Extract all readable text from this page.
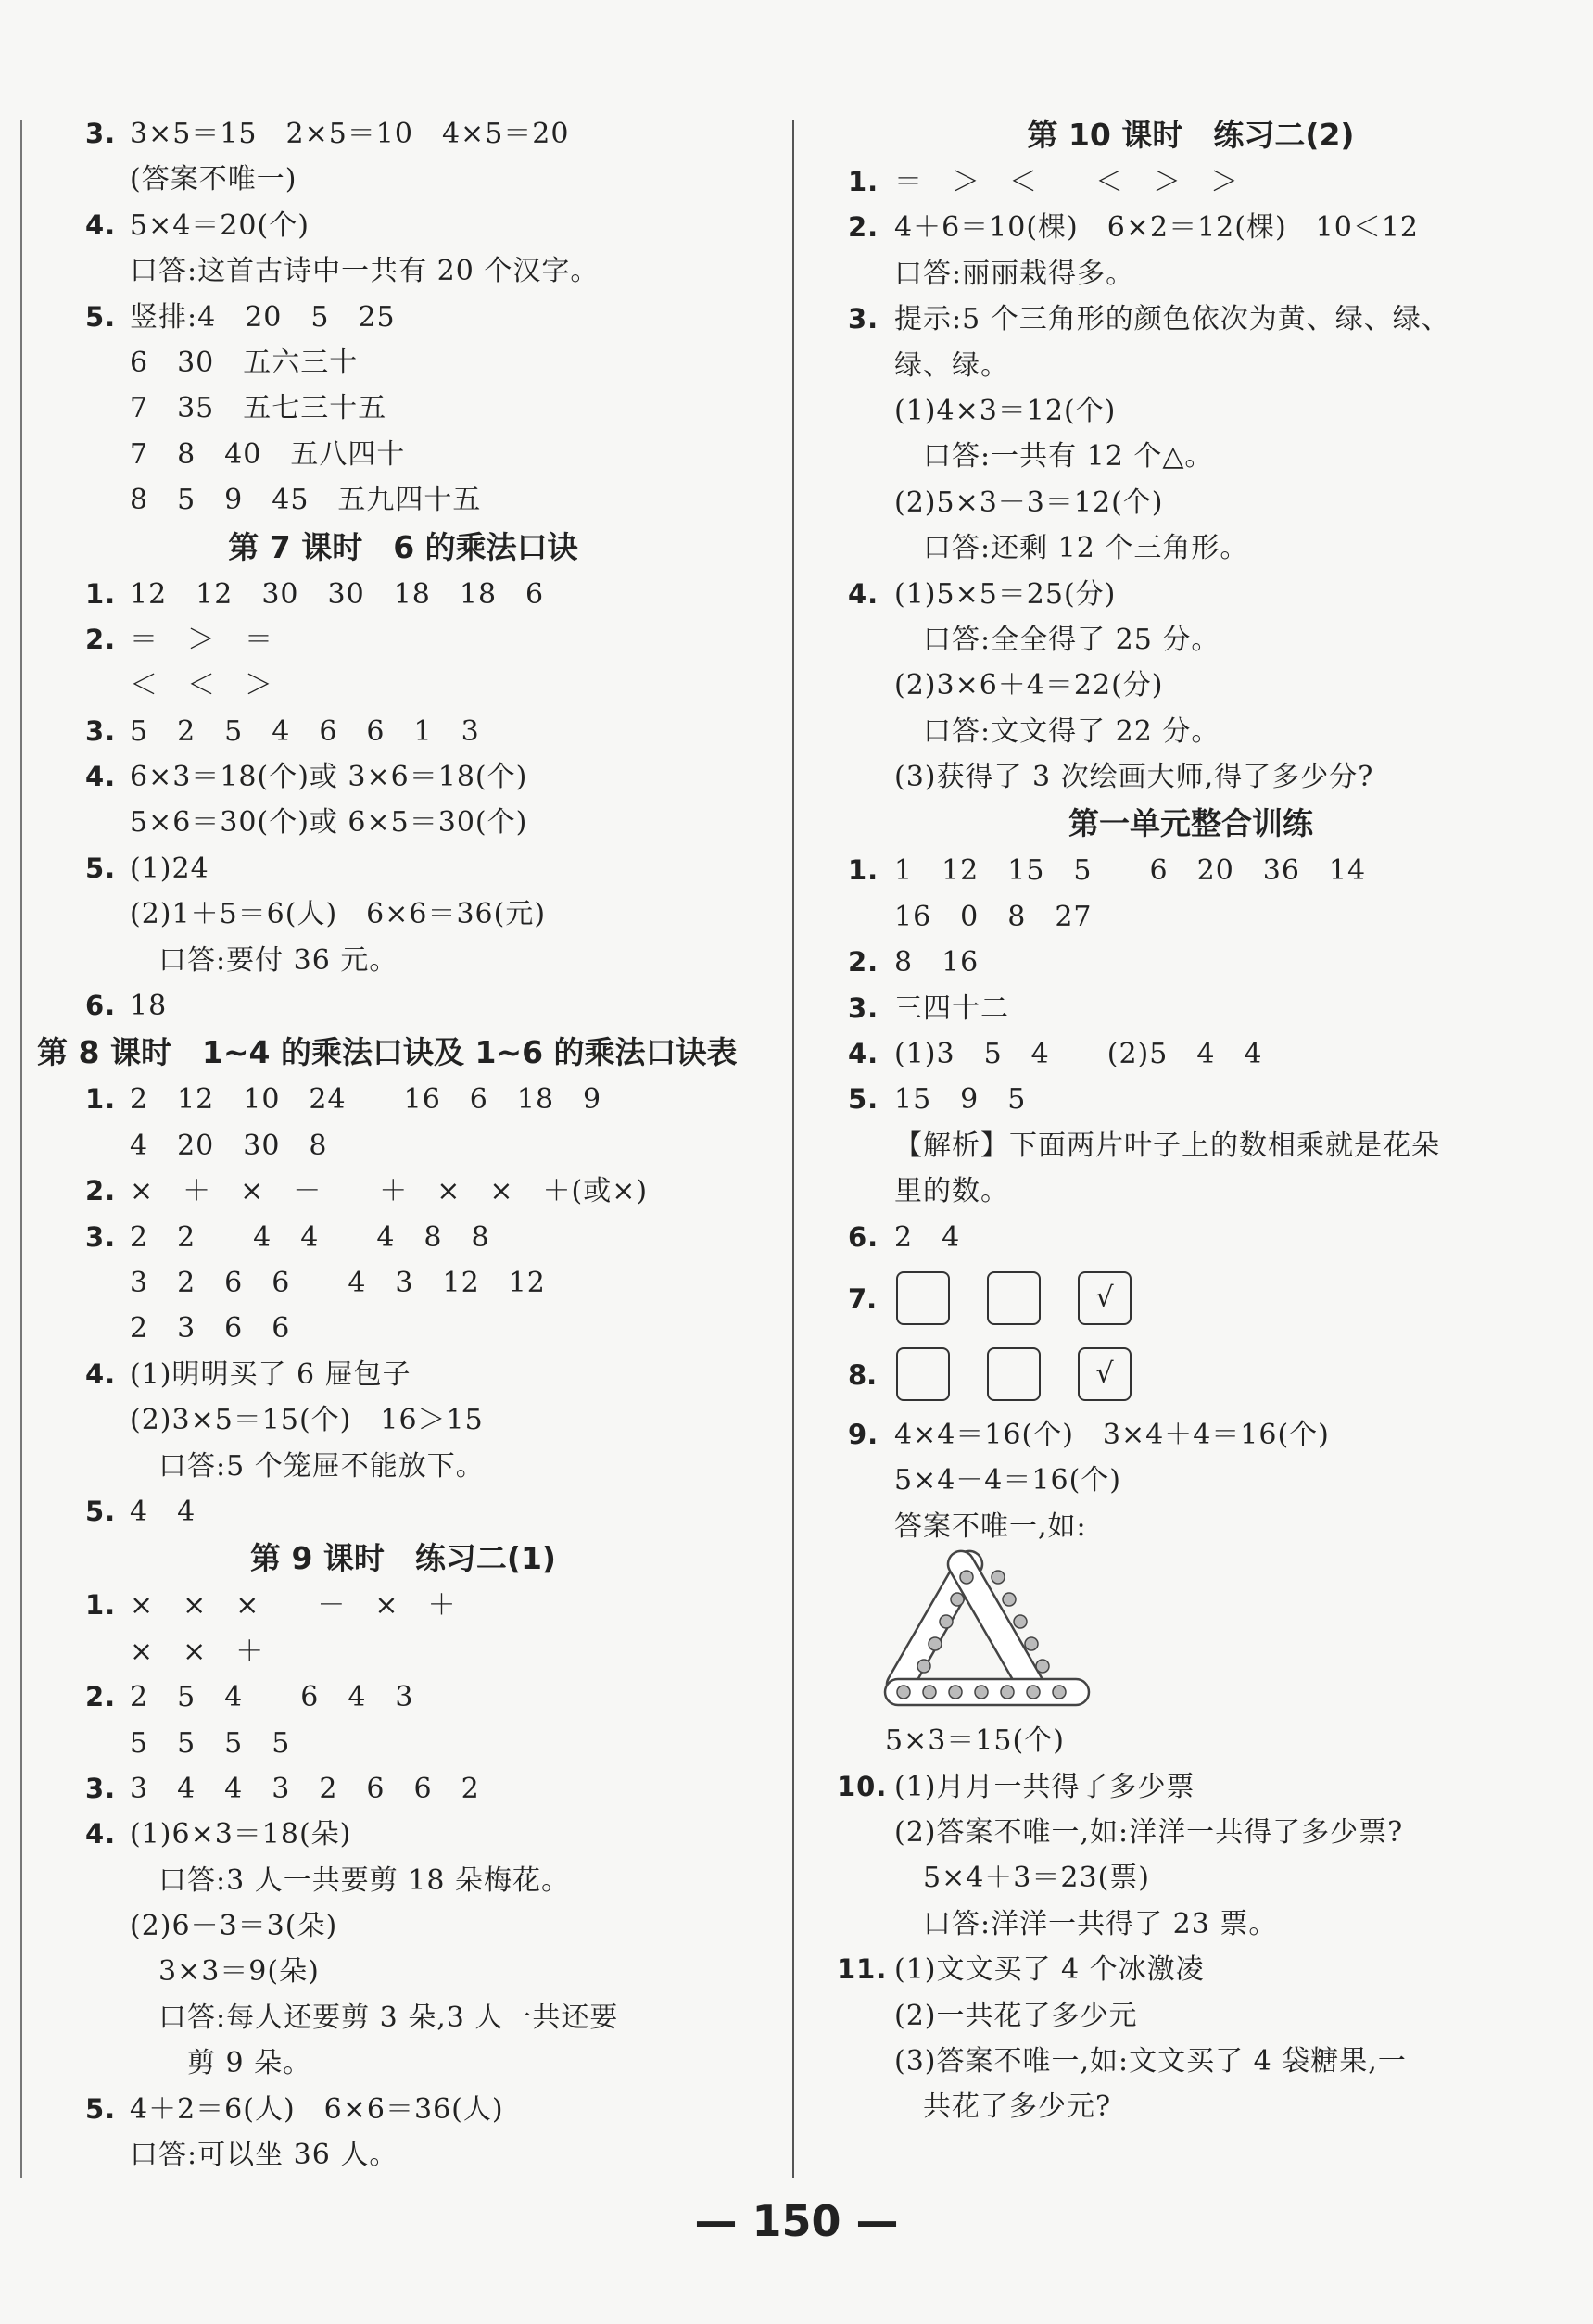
3. 3×5＝15　2×5＝10　4×5＝20
(答案不唯一)
4. 5×4＝20(个)
口答:这首古诗中一共有 20 个汉字。
5. 竖排:4　20　5　25
6　30　五六三十
7　35　五七三十五
7　8　40　五八四十
8　5　9　45　五九四十五
第 7 课时　6 的乘法口诀
1. 12　12　30　30　18　18　6
2. ＝　＞　＝
＜　＜　＞
3. 5　2　5　4　6　6　1　3
4. 6×3＝18(个)或 3×6＝18(个)
5×6＝30(个)或 6×5＝30(个)
5. (1)24
(2)1＋5＝6(人)　6×6＝36(元)
　口答:要付 36 元。
6. 18
第 8 课时　1~4 的乘法口诀及 1~6 的乘法口诀表
1. 2　12　10　24　　16　6　18　9
4　20　30　8
2. ×　＋　×　－　　＋　×　×　＋(或×)
3. 2　2　　4　4　　4　8　8
3　2　6　6　　4　3　12　12
2　3　6　6
4. (1)明明买了 6 屉包子
(2)3×5＝15(个)　16＞15
　口答:5 个笼屉不能放下。
5. 4　4
第 9 课时　练习二(1)
1. ×　×　×　　－　×　＋
×　×　＋
2. 2　5　4　　6　4　3
5　5　5　5
3. 3　4　4　3　2　6　6　2
4. (1)6×3＝18(朵)
　口答:3 人一共要剪 18 朵梅花。
(2)6－3＝3(朵)
　3×3＝9(朵)
　口答:每人还要剪 3 朵,3 人一共还要
　　剪 9 朵。
5. 4＋2＝6(人)　6×6＝36(人)
口答:可以坐 36 人。
第 10 课时　练习二(2)
1. ＝　＞　＜　　＜　＞　＞
2. 4＋6＝10(棵)　6×2＝12(棵)　10＜12
口答:丽丽栽得多。
3. 提示:5 个三角形的颜色依次为黄、绿、绿、
绿、绿。
(1)4×3＝12(个)
　口答:一共有 12 个△。
(2)5×3－3＝12(个)
　口答:还剩 12 个三角形。
4. (1)5×5＝25(分)
　口答:全全得了 25 分。
(2)3×6＋4＝22(分)
　口答:文文得了 22 分。
(3)获得了 3 次绘画大师,得了多少分?
第一单元整合训练
1. 1　12　15　5　　6　20　36　14
16　0　8　27
2. 8　16
3. 三四十二
4. (1)3　5　4　　(2)5　4　4
5. 15　9　5
【解析】下面两片叶子上的数相乘就是花朵
里的数。
6. 2　4
7.	√
8.	√
9. 4×4＝16(个)　3×4＋4＝16(个)
5×4－4＝16(个)
答案不唯一,如:
5×3＝15(个)
10. (1)月月一共得了多少票
(2)答案不唯一,如:洋洋一共得了多少票?
　5×4＋3＝23(票)
　口答:洋洋一共得了 23 票。
11. (1)文文买了 4 个冰激凌
(2)一共花了多少元
(3)答案不唯一,如:文文买了 4 袋糖果,一
　共花了多少元?
— 150 —
